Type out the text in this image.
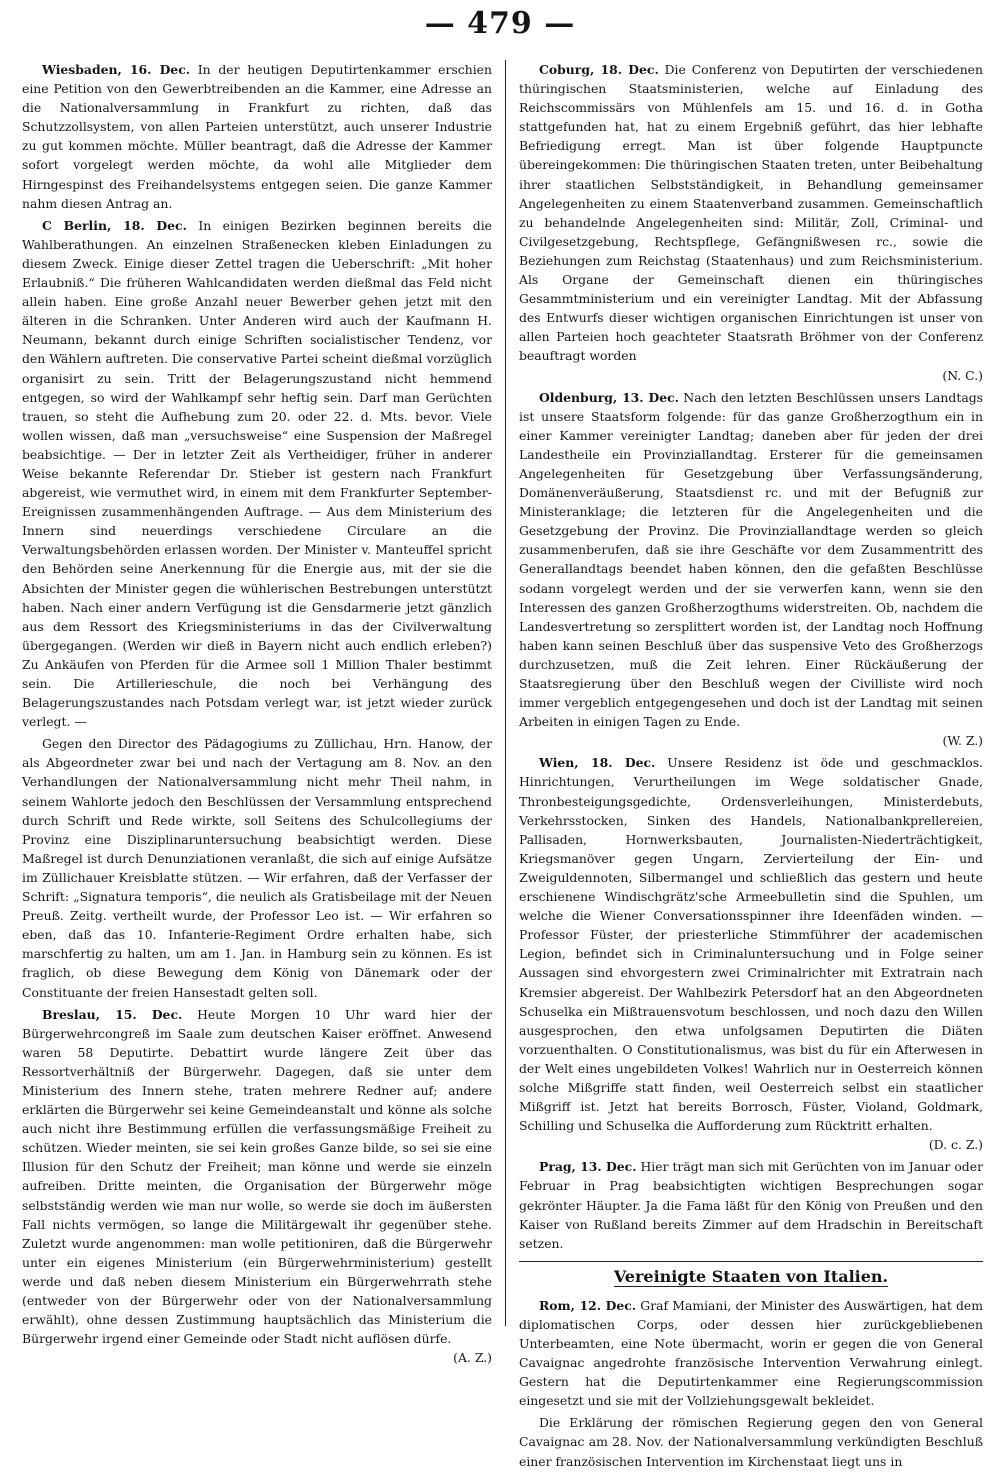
— 479 —

Wiesbaden, 16. Dec. In der heutigen Deputirtenkammer erschien eine Petition von den Gewerbtreibenden an die Kammer, eine Adresse an die Nationalversammlung in Frankfurt zu richten, daß das Schutzzollsystem, von allen Parteien unterstützt, auch unserer Industrie zu gut kommen möchte. Müller beantragt, daß die Adresse der Kammer sofort vorgelegt werden möchte, da wohl alle Mitglieder dem Hirngespinst des Freihandelsystems entgegen seien. Die ganze Kammer nahm diesen Antrag an.

C Berlin, 18. Dec. In einigen Bezirken beginnen bereits die Wahlberathungen. An einzelnen Straßenecken kleben Einladungen zu diesem Zweck. Einige dieser Zettel tragen die Ueberschrift: „Mit hoher Erlaubniß.“ Die früheren Wahlcandidaten werden dießmal das Feld nicht allein haben. Eine große Anzahl neuer Bewerber gehen jetzt mit den älteren in die Schranken. Unter Anderen wird auch der Kaufmann H. Neumann, bekannt durch einige Schriften socialistischer Tendenz, vor den Wählern auftreten. Die conservative Partei scheint dießmal vorzüglich organisirt zu sein. Tritt der Belagerungszustand nicht hemmend entgegen, so wird der Wahlkampf sehr heftig sein. Darf man Gerüchten trauen, so steht die Aufhebung zum 20. oder 22. d. Mts. bevor. Viele wollen wissen, daß man „versuchsweise“ eine Suspension der Maßregel beabsichtige. — Der in letzter Zeit als Vertheidiger, früher in anderer Weise bekannte Referendar Dr. Stieber ist gestern nach Frankfurt abgereist, wie vermuthet wird, in einem mit dem Frankfurter September-Ereignissen zusammenhängenden Auftrage. — Aus dem Ministerium des Innern sind neuerdings verschiedene Circulare an die Verwaltungsbehörden erlassen worden. Der Minister v. Manteuffel spricht den Behörden seine Anerkennung für die Energie aus, mit der sie die Absichten der Minister gegen die wühlerischen Bestrebungen unterstützt haben. Nach einer andern Verfügung ist die Gensdarmerie jetzt gänzlich aus dem Ressort des Kriegsministeriums in das der Civilverwaltung übergegangen. (Werden wir dieß in Bayern nicht auch endlich erleben?) Zu Ankäufen von Pferden für die Armee soll 1 Million Thaler bestimmt sein. Die Artillerieschule, die noch bei Verhängung des Belagerungszustandes nach Potsdam verlegt war, ist jetzt wieder zurück verlegt. —

Gegen den Director des Pädagogiums zu Züllichau, Hrn. Hanow, der als Abgeordneter zwar bei und nach der Vertagung am 8. Nov. an den Verhandlungen der Nationalversammlung nicht mehr Theil nahm, in seinem Wahlorte jedoch den Beschlüssen der Versammlung entsprechend durch Schrift und Rede wirkte, soll Seitens des Schulcollegiums der Provinz eine Disziplinaruntersuchung beabsichtigt werden. Diese Maßregel ist durch Denunziationen veranlaßt, die sich auf einige Aufsätze im Züllichauer Kreisblatte stützen. — Wir erfahren, daß der Verfasser der Schrift: „Signatura temporis“, die neulich als Gratisbeilage mit der Neuen Preuß. Zeitg. vertheilt wurde, der Professor Leo ist. — Wir erfahren so eben, daß das 10. Infanterie-Regiment Ordre erhalten habe, sich marschfertig zu halten, um am 1. Jan. in Hamburg sein zu können. Es ist fraglich, ob diese Bewegung dem König von Dänemark oder der Constituante der freien Hansestadt gelten soll.

Breslau, 15. Dec. Heute Morgen 10 Uhr ward hier der Bürgerwehrcongreß im Saale zum deutschen Kaiser eröffnet. Anwesend waren 58 Deputirte. Debattirt wurde längere Zeit über das Ressortverhältniß der Bürgerwehr. Dagegen, daß sie unter dem Ministerium des Innern stehe, traten mehrere Redner auf; andere erklärten die Bürgerwehr sei keine Gemeindeanstalt und könne als solche auch nicht ihre Bestimmung erfüllen die verfassungsmäßige Freiheit zu schützen. Wieder meinten, sie sei kein großes Ganze bilde, so sei sie eine Illusion für den Schutz der Freiheit; man könne und werde sie einzeln aufreiben. Dritte meinten, die Organisation der Bürgerwehr möge selbstständig werden wie man nur wolle, so werde sie doch im äußersten Fall nichts vermögen, so lange die Militärgewalt ihr gegenüber stehe. Zuletzt wurde angenommen: man wolle petitioniren, daß die Bürgerwehr unter ein eigenes Ministerium (ein Bürgerwehrministerium) gestellt werde und daß neben diesem Ministerium ein Bürgerwehrrath stehe (entweder von der Bürgerwehr oder von der Nationalversammlung erwählt), ohne dessen Zustimmung hauptsächlich das Ministerium die Bürgerwehr irgend einer Gemeinde oder Stadt nicht auflösen dürfe.
(A. Z.)

Coburg, 18. Dec. Die Conferenz von Deputirten der verschiedenen thüringischen Staatsministerien, welche auf Einladung des Reichscommissärs von Mühlenfels am 15. und 16. d. in Gotha stattgefunden hat, hat zu einem Ergebniß geführt, das hier lebhafte Befriedigung erregt. Man ist über folgende Hauptpuncte übereingekommen: Die thüringischen Staaten treten, unter Beibehaltung ihrer staatlichen Selbstständigkeit, in Behandlung gemeinsamer Angelegenheiten zu einem Staatenverband zusammen. Gemeinschaftlich zu behandelnde Angelegenheiten sind: Militär, Zoll, Criminal- und Civilgesetzgebung, Rechtspflege, Gefängnißwesen rc., sowie die Beziehungen zum Reichstag (Staatenhaus) und zum Reichsministerium. Als Organe der Gemeinschaft dienen ein thüringisches Gesammtministerium und ein vereinigter Landtag. Mit der Abfassung des Entwurfs dieser wichtigen organischen Einrichtungen ist unser von allen Parteien hoch geachteter Staatsrath Bröhmer von der Conferenz beauftragt worden
(N. C.)

Oldenburg, 13. Dec. Nach den letzten Beschlüssen unsers Landtags ist unsere Staatsform folgende: für das ganze Großherzogthum ein in einer Kammer vereinigter Landtag; daneben aber für jeden der drei Landestheile ein Provinziallandtag. Ersterer für die gemeinsamen Angelegenheiten für Gesetzgebung über Verfassungsänderung, Domänenveräußerung, Staatsdienst rc. und mit der Befugniß zur Ministeranklage; die letzteren für die Angelegenheiten und die Gesetzgebung der Provinz. Die Provinziallandtage werden so gleich zusammenberufen, daß sie ihre Geschäfte vor dem Zusammentritt des Generallandtags beendet haben können, den die gefaßten Beschlüsse sodann vorgelegt werden und der sie verwerfen kann, wenn sie den Interessen des ganzen Großherzogthums widerstreiten. Ob, nachdem die Landesvertretung so zersplittert worden ist, der Landtag noch Hoffnung haben kann seinen Beschluß über das suspensive Veto des Großherzogs durchzusetzen, muß die Zeit lehren. Einer Rückäußerung der Staatsregierung über den Beschluß wegen der Civilliste wird noch immer vergeblich entgegengesehen und doch ist der Landtag mit seinen Arbeiten in einigen Tagen zu Ende.
(W. Z.)

Wien, 18. Dec. Unsere Residenz ist öde und geschmacklos. Hinrichtungen, Verurtheilungen im Wege soldatischer Gnade, Thronbesteigungsgedichte, Ordensverleihungen, Ministerdebuts, Verkehrsstocken, Sinken des Handels, Nationalbankprellereien, Pallisaden, Hornwerksbauten, Journalisten-Niederträchtigkeit, Kriegsmanöver gegen Ungarn, Zervierteilung der Ein- und Zweiguldennoten, Silbermangel und schließlich das gestern und heute erschienene Windischgrätz'sche Armeebulletin sind die Spuhlen, um welche die Wiener Conversationsspinner ihre Ideenfäden winden. — Professor Füster, der priesterliche Stimmführer der academischen Legion, befindet sich in Criminaluntersuchung und in Folge seiner Aussagen sind ehvorgestern zwei Criminalrichter mit Extratrain nach Kremsier abgereist. Der Wahlbezirk Petersdorf hat an den Abgeordneten Schuselka ein Mißtrauensvotum beschlossen, und noch dazu den Willen ausgesprochen, den etwa unfolgsamen Deputirten die Diäten vorzuenthalten. O Constitutionalismus, was bist du für ein Afterwesen in der Welt eines ungebildeten Volkes! Wahrlich nur in Oesterreich können solche Mißgriffe statt finden, weil Oesterreich selbst ein staatlicher Mißgriff ist. Jetzt hat bereits Borrosch, Füster, Violand, Goldmark, Schilling und Schuselka die Aufforderung zum Rücktritt erhalten.
(D. c. Z.)

Prag, 13. Dec. Hier trägt man sich mit Gerüchten von im Januar oder Februar in Prag beabsichtigten wichtigen Besprechungen sogar gekrönter Häupter. Ja die Fama läßt für den König von Preußen und den Kaiser von Rußland bereits Zimmer auf dem Hradschin in Bereitschaft setzen.

Vereinigte Staaten von Italien.

Rom, 12. Dec. Graf Mamiani, der Minister des Auswärtigen, hat dem diplomatischen Corps, oder dessen hier zurückgebliebenen Unterbeamten, eine Note übermacht, worin er gegen die von General Cavaignac angedrohte französische Intervention Verwahrung einlegt. Gestern hat die Deputirtenkammer eine Regierungscommission eingesetzt und sie mit der Vollziehungsgewalt bekleidet.

Die Erklärung der römischen Regierung gegen den von General Cavaignac am 28. Nov. der Nationalversammlung verkündigten Beschluß einer französischen Intervention im Kirchenstaat liegt uns in
